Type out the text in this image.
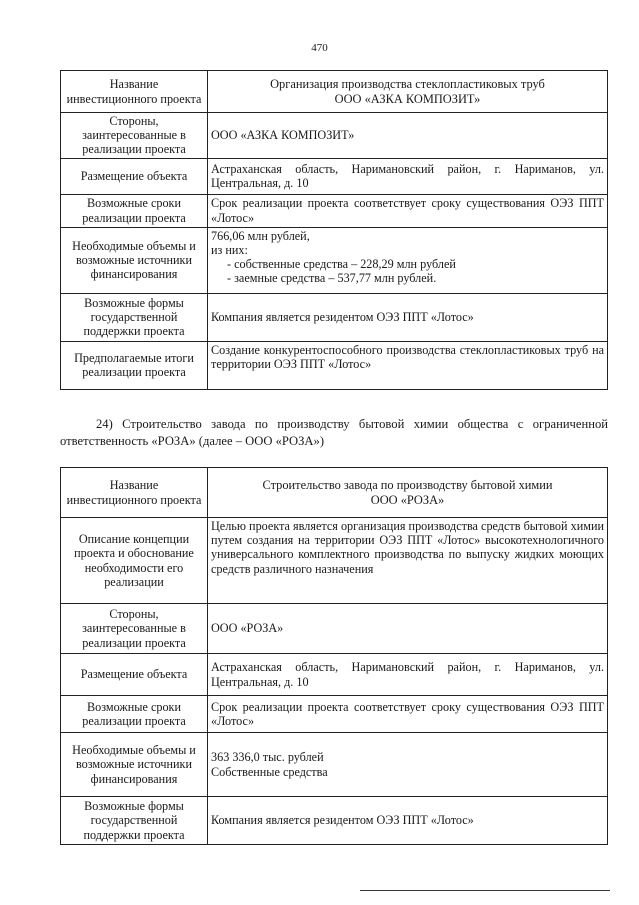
470
Название инвестиционного проекта	Организация производства стеклопластиковых труб
ООО «АЗКА КОМПОЗИТ»

Стороны, заинтересованные в реализации проекта	ООО «АЗКА КОМПОЗИТ»
Размещение объекта	Астраханская область, Наримановский район, г. Нариманов, ул. Центральная, д. 10
Возможные сроки реализации проекта	Срок реализации проекта соответствует сроку существования ОЭЗ ППТ «Лотос»
Необходимые объемы и возможные источники финансирования	766,06 млн рублей,
из них:
- собственные средства – 228,29 млн рублей
- заемные средства – 537,77 млн рублей.

Возможные формы государственной поддержки проекта	Компания является резидентом ОЭЗ ППТ «Лотос»
Предполагаемые итоги реализации проекта	Создание конкурентоспособного производства стеклопластиковых труб на территории ОЭЗ ППТ «Лотос»
24) Строительство завода по производству бытовой химии общества с ограниченной ответственность «РОЗА» (далее – ООО «РОЗА»)
Название инвестиционного проекта	Строительство завода по производству бытовой химии
ООО «РОЗА»

Описание концепции проекта и обоснование необходимости его реализации	Целью проекта является организация производства средств бытовой химии путем создания на территории ОЭЗ ППТ «Лотос» высокотехнологичного универсального комплектного производства по выпуску жидких моющих средств различного назначения
Стороны, заинтересованные в реализации проекта	ООО «РОЗА»
Размещение объекта	Астраханская область, Наримановский район, г. Нариманов, ул. Центральная, д. 10
Возможные сроки реализации проекта	Срок реализации проекта соответствует сроку существования ОЭЗ ППТ «Лотос»
Необходимые объемы и возможные источники финансирования	363 336,0 тыс. рублей
Собственные средства

Возможные формы государственной поддержки проекта	Компания является резидентом ОЭЗ ППТ «Лотос»
